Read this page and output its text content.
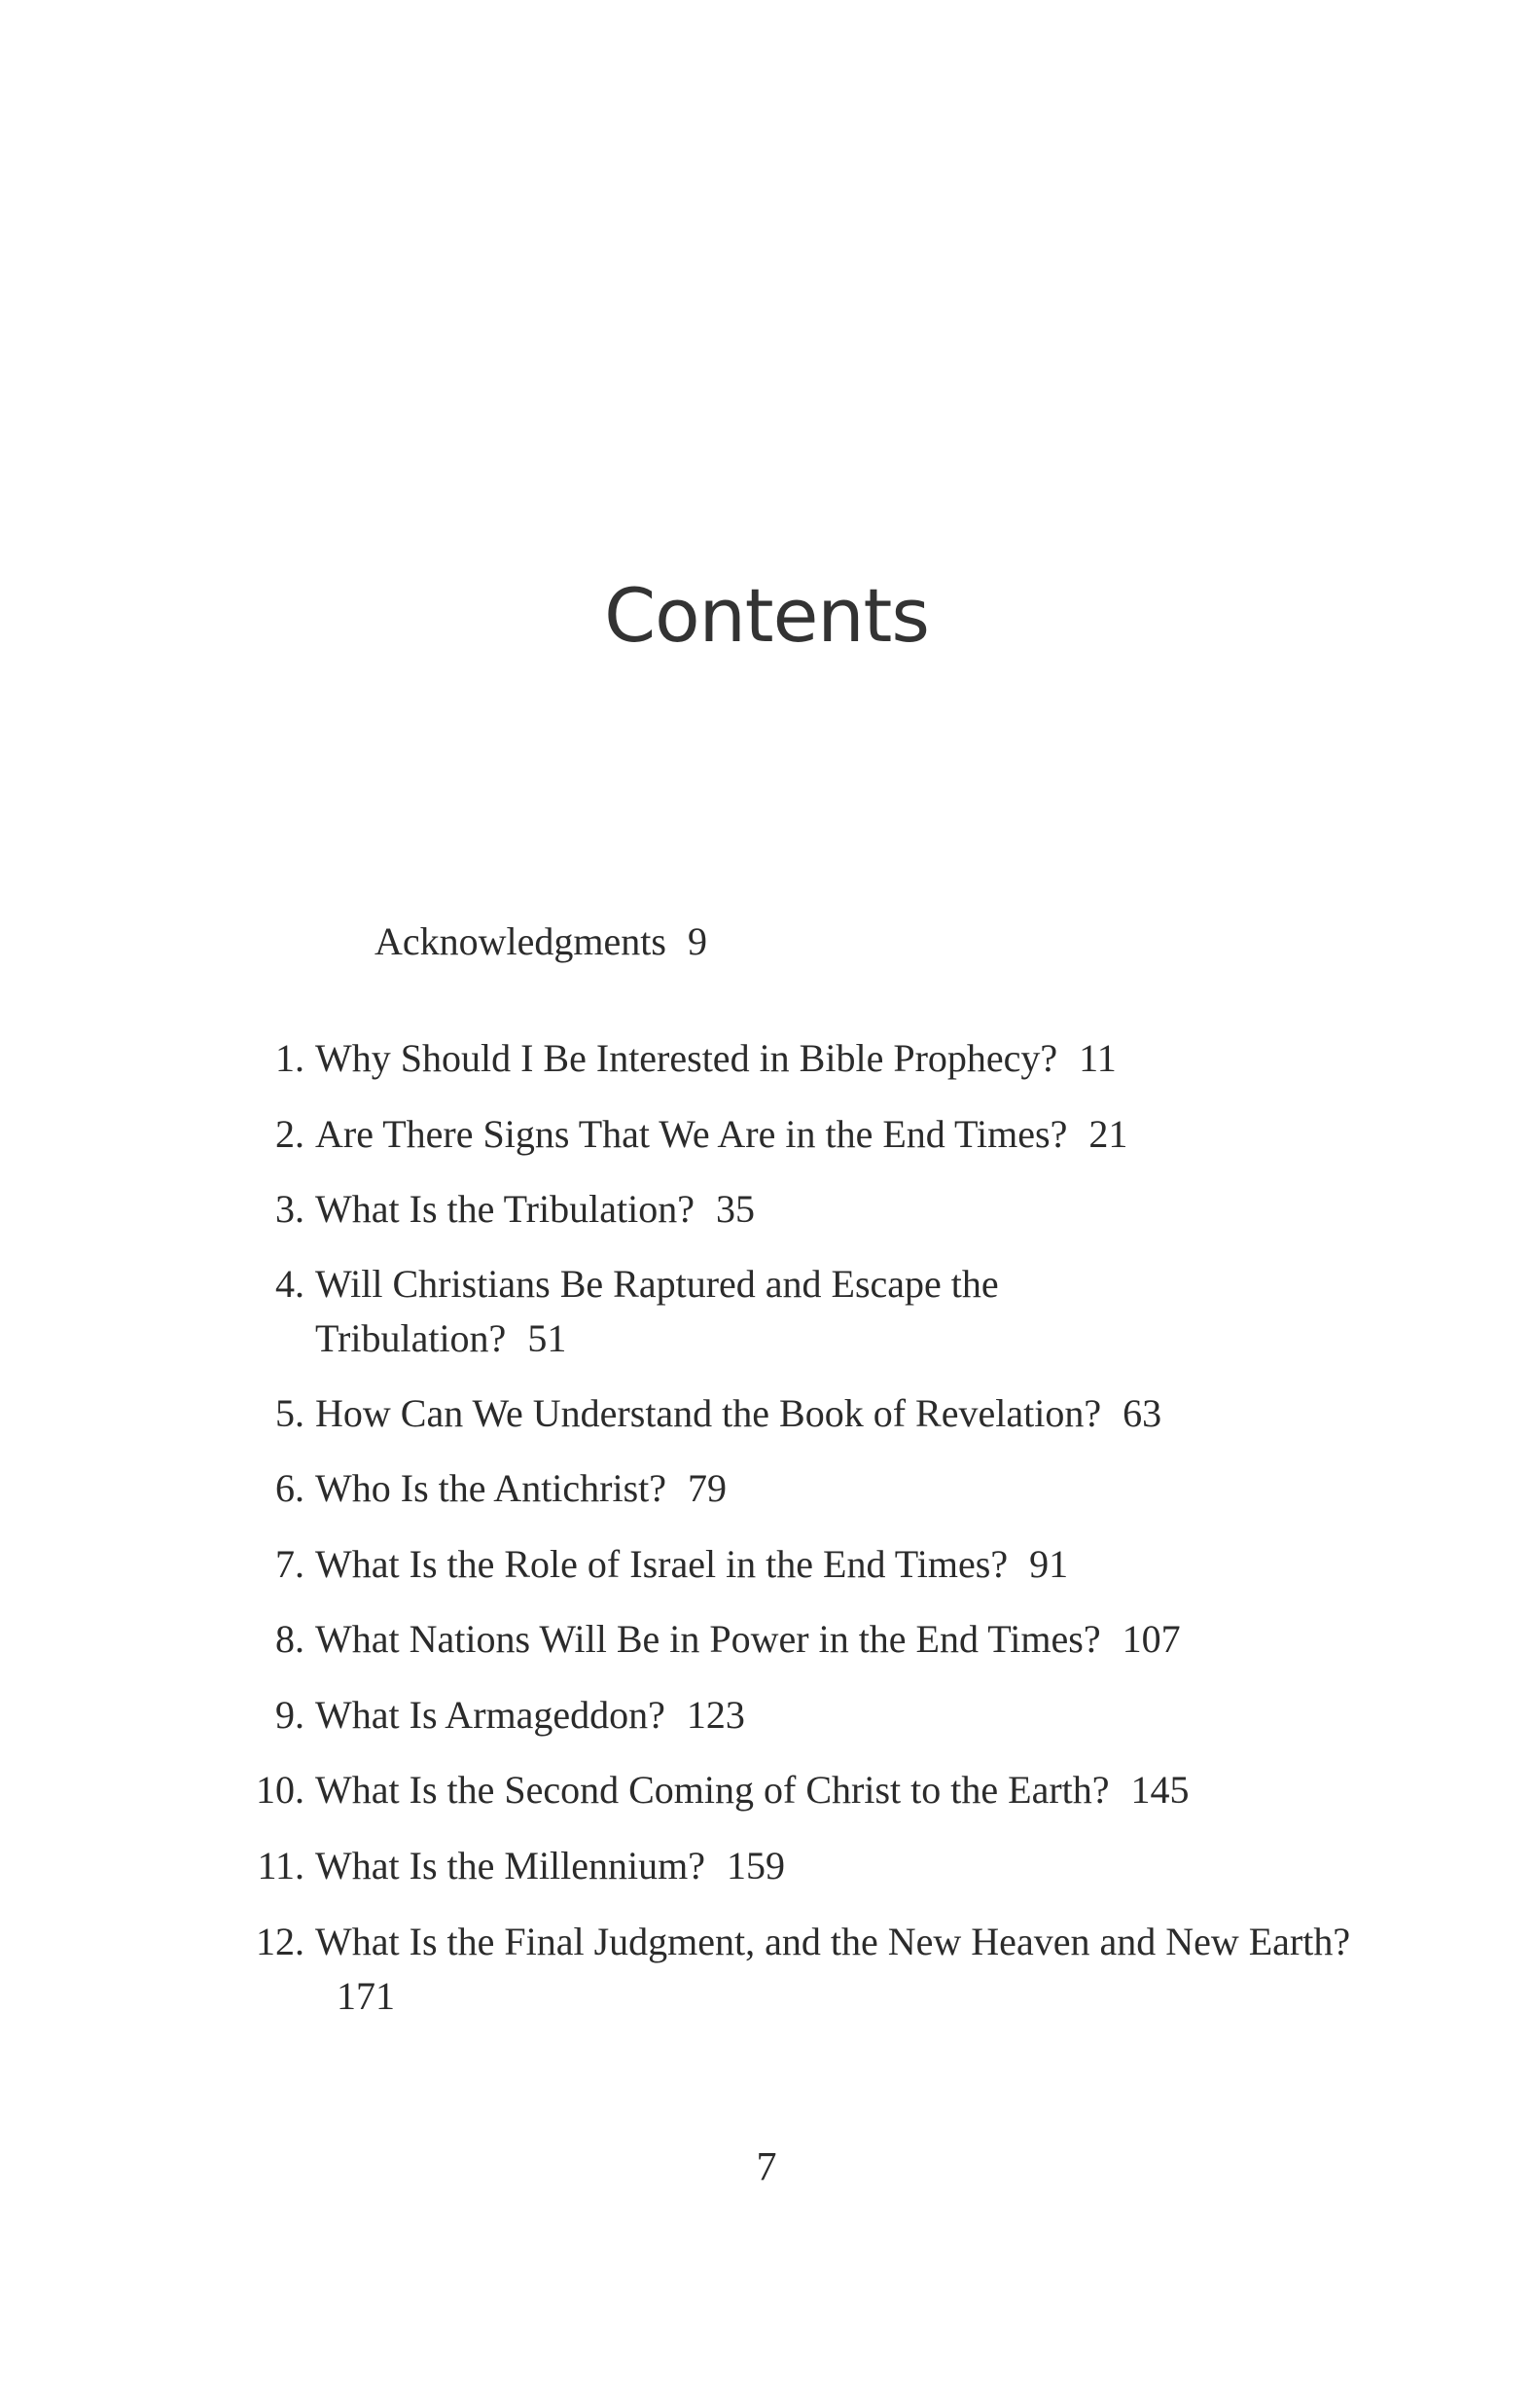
Contents
Acknowledgments 9
1. Why Should I Be Interested in Bible Prophecy? 11
2. Are There Signs That We Are in the End Times? 21
3. What Is the Tribulation? 35
4. Will Christians Be Raptured and Escape the Tribulation? 51
5. How Can We Understand the Book of Revelation? 63
6. Who Is the Antichrist? 79
7. What Is the Role of Israel in the End Times? 91
8. What Nations Will Be in Power in the End Times? 107
9. What Is Armageddon? 123
10. What Is the Second Coming of Christ to the Earth? 145
11. What Is the Millennium? 159
12. What Is the Final Judgment, and the New Heaven and New Earth?171
7
